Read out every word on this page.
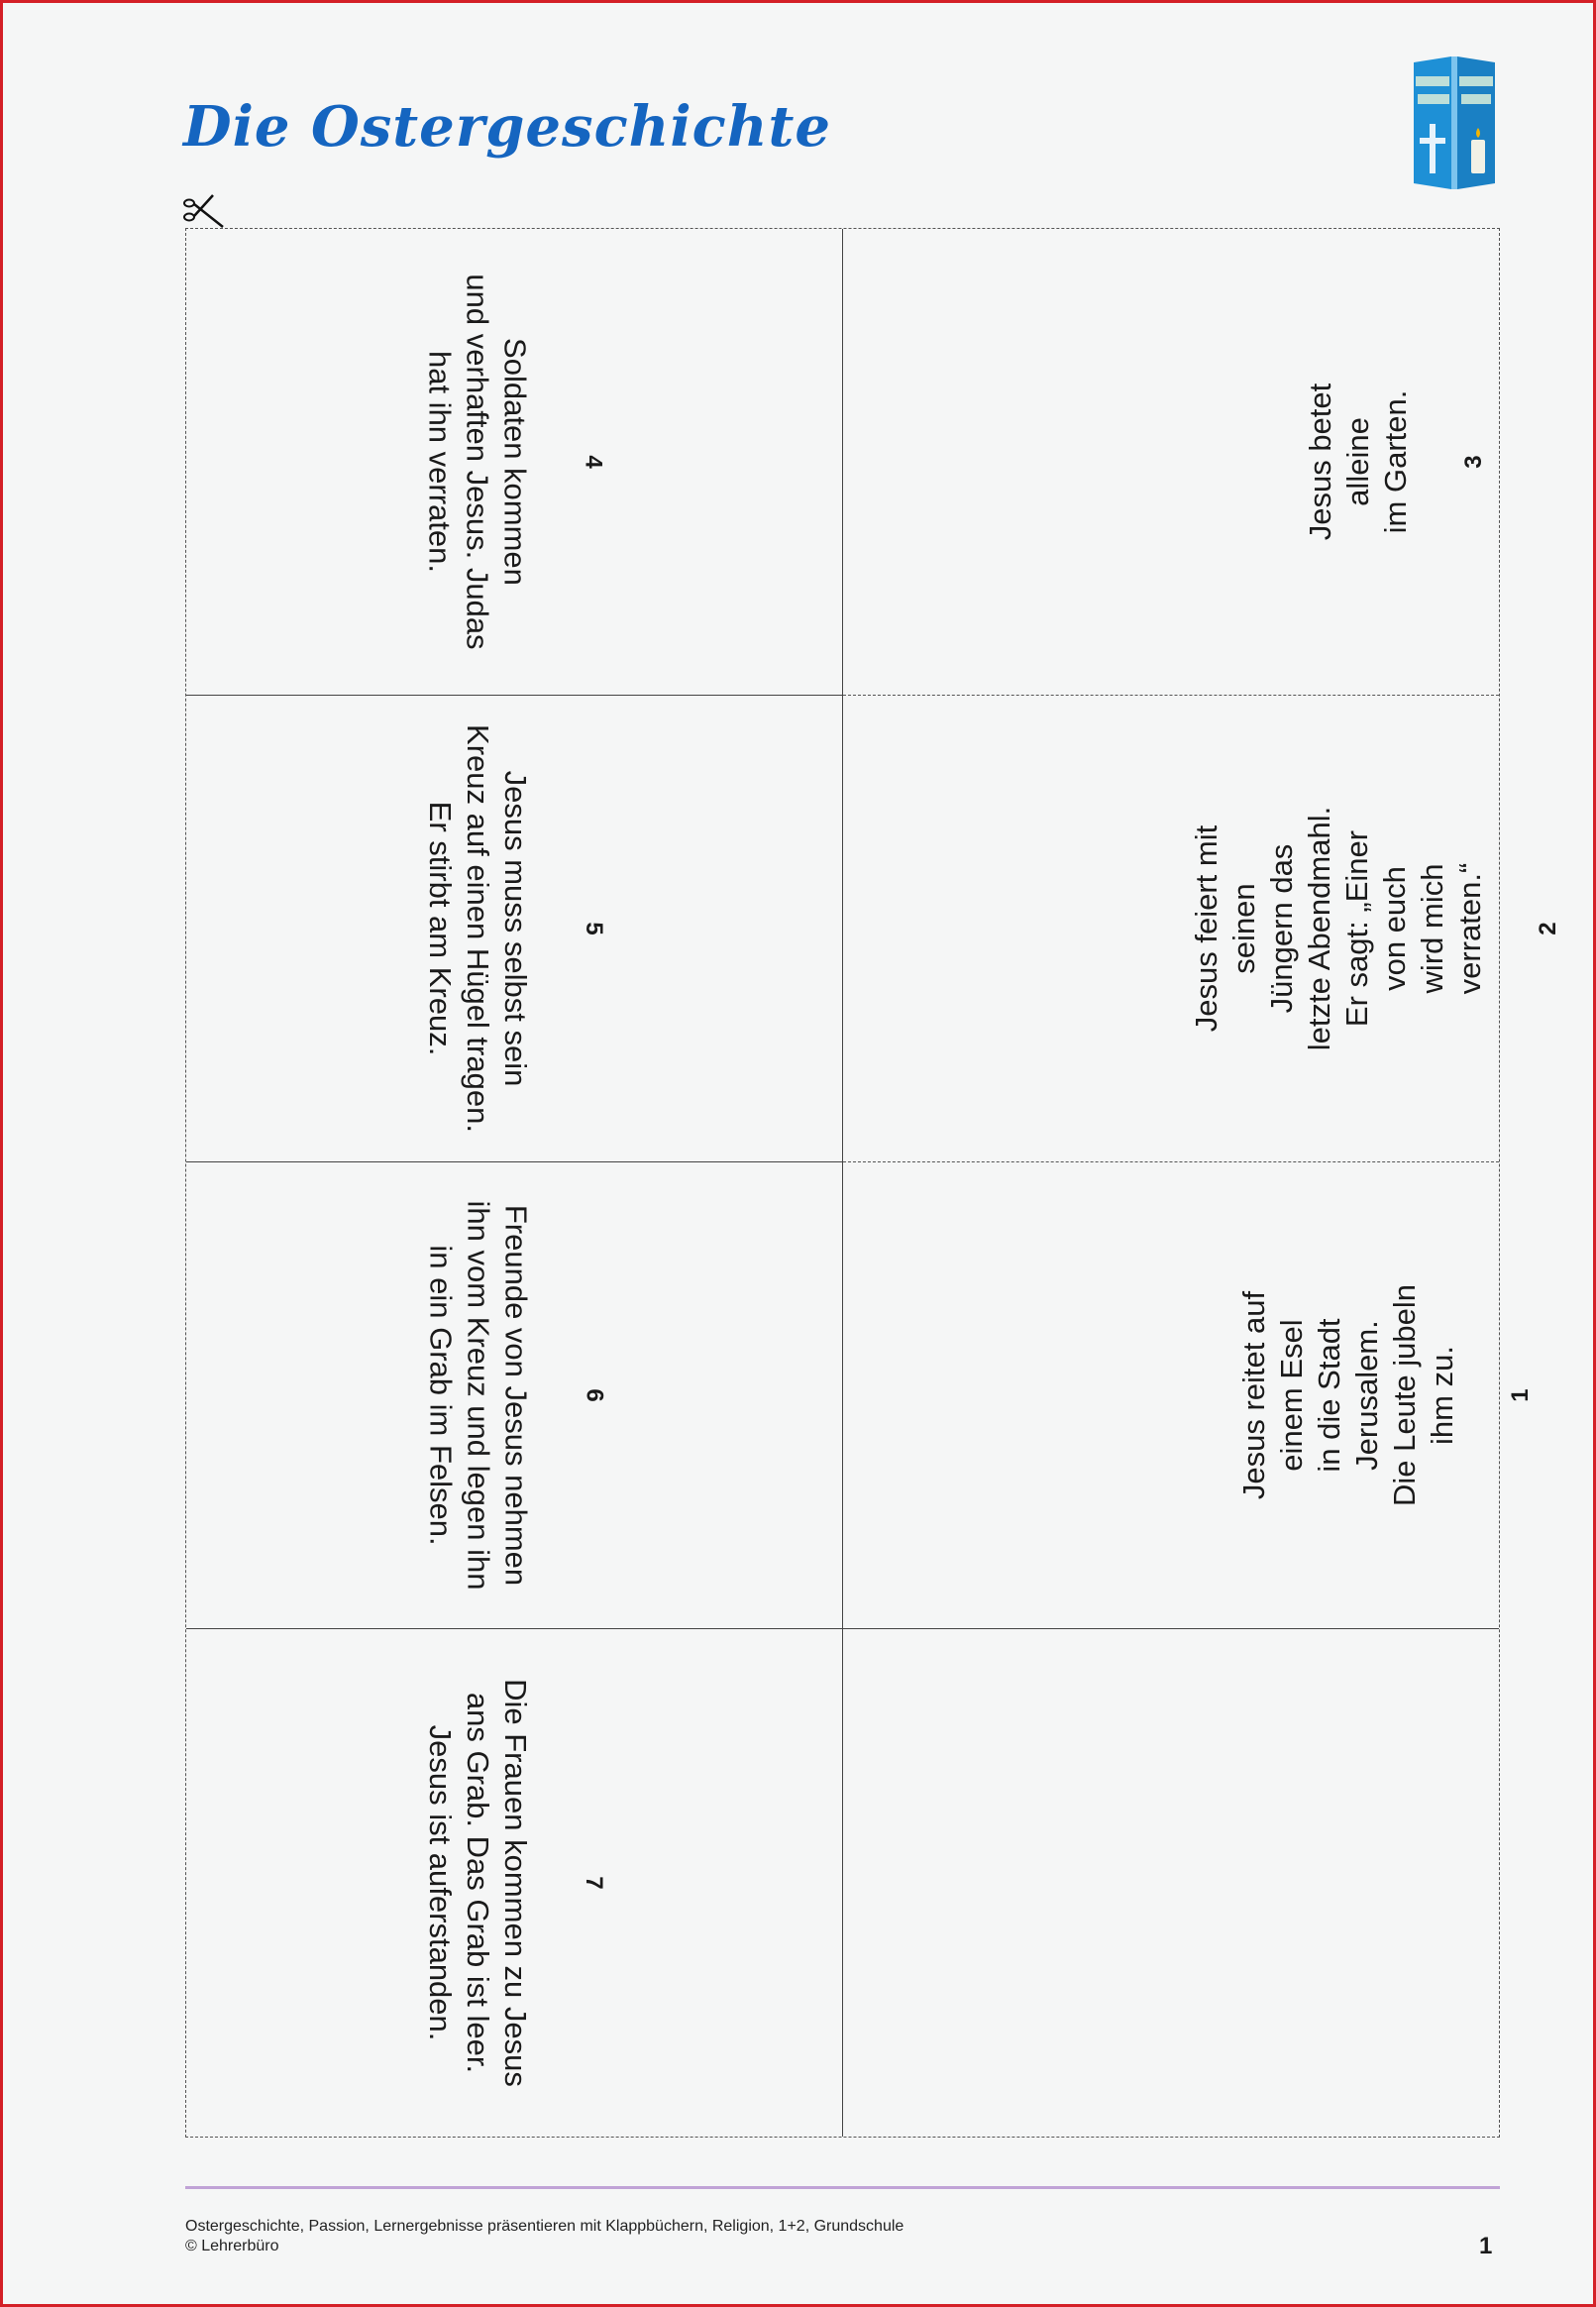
Die Ostergeschichte
4
Soldaten kommen
und verhaften Jesus. Judas
hat ihn verraten.
5
Jesus muss selbst sein
Kreuz auf einen Hügel tragen.
Er stirbt am Kreuz.
6
Freunde von Jesus nehmen
ihn vom Kreuz und legen ihn
in ein Grab im Felsen.
7
Die Frauen kommen zu Jesus
ans Grab. Das Grab ist leer.
Jesus ist auferstanden.
Jesus betet alleine
im Garten. 3
Jesus feiert mit seinen
Jüngern das letzte Abendmahl.
Er sagt: „Einer von euch
wird mich verraten.“ 2
Jesus reitet auf einem Esel
in die Stadt Jerusalem.
Die Leute jubeln ihm zu.
1
Ostergeschichte, Passion, Lernergebnisse präsentieren mit Klappbüchern, Religion, 1+2, Grundschule
© Lehrerbüro	1
